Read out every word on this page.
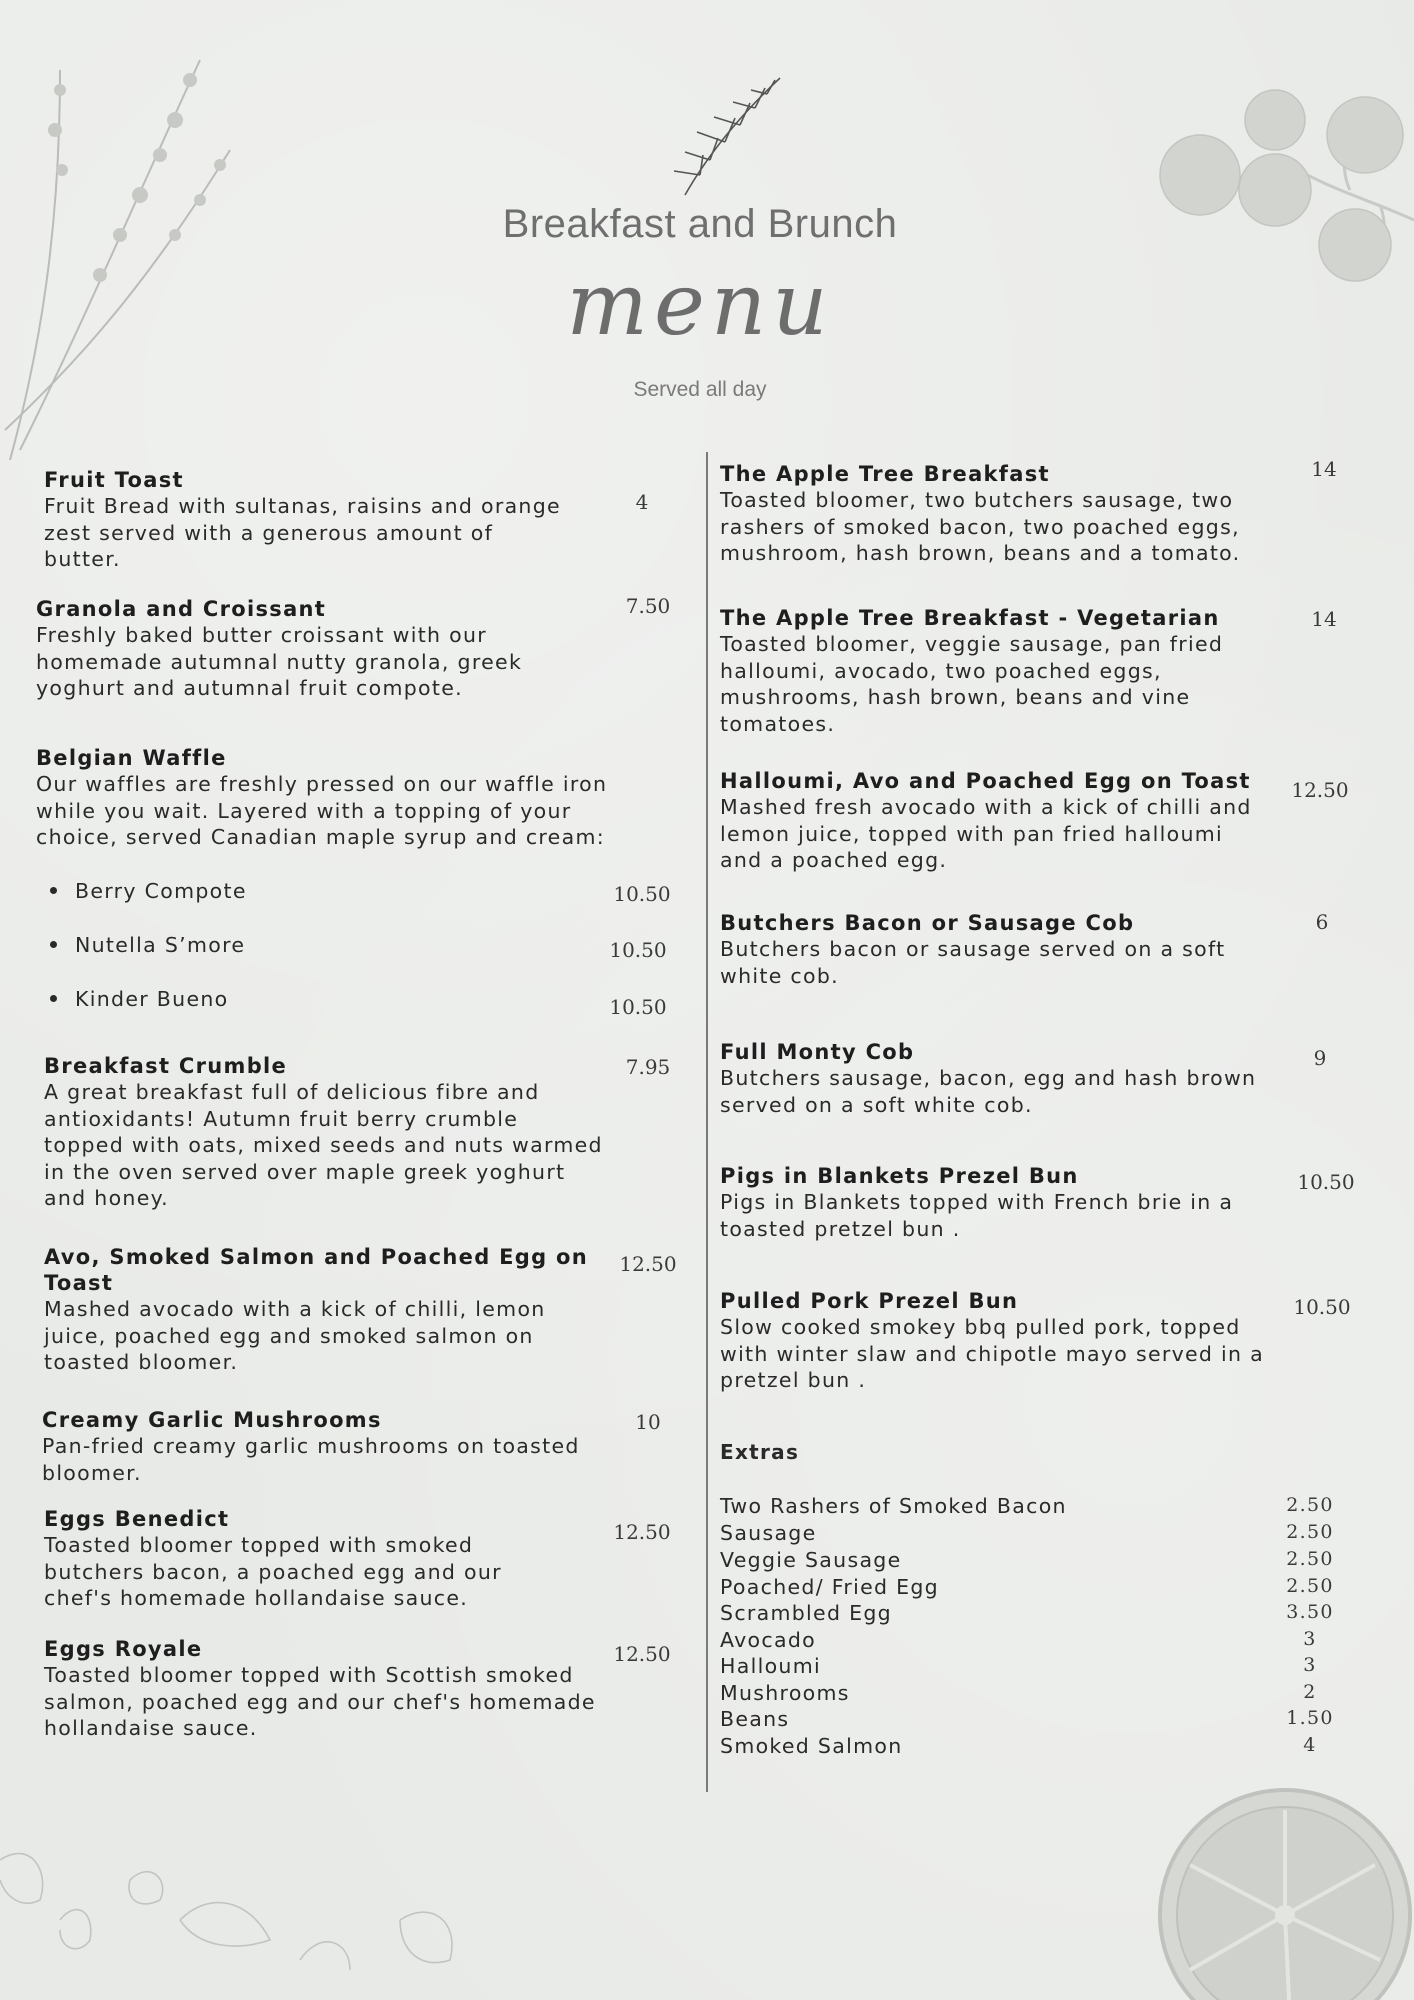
Breakfast and Brunch
menu
Served all day
Fruit Toast
Fruit Bread with sultanas, raisins and orange zest served with a generous amount of butter.
4
Granola and Croissant
Freshly baked butter croissant with our homemade autumnal nutty granola, greek yoghurt and autumnal fruit compote.
7.50
Belgian Waffle
Our waffles are freshly pressed on our waffle iron while you wait. Layered with a topping of your choice, served Canadian maple syrup and cream:
Berry Compote	10.50
Nutella S’more	10.50
Kinder Bueno	10.50
Breakfast Crumble
A great breakfast full of delicious fibre and antioxidants! Autumn fruit berry crumble topped with oats, mixed seeds and nuts warmed in the oven served over maple greek yoghurt and honey.
7.95
Avo, Smoked Salmon and Poached Egg on Toast
Mashed avocado with a kick of chilli, lemon juice, poached egg and smoked salmon on toasted bloomer.
12.50
Creamy Garlic Mushrooms
Pan-fried creamy garlic mushrooms on toasted bloomer.
10
Eggs Benedict
Toasted bloomer topped with smoked butchers bacon, a poached egg and our chef's homemade hollandaise sauce.
12.50
Eggs Royale
Toasted bloomer topped with Scottish smoked salmon, poached egg and our chef's homemade hollandaise sauce.
12.50
The Apple Tree Breakfast
Toasted bloomer, two butchers sausage, two rashers of smoked bacon, two poached eggs, mushroom, hash brown, beans and a tomato.
14
The Apple Tree Breakfast - Vegetarian
Toasted bloomer, veggie sausage, pan fried halloumi, avocado, two poached eggs, mushrooms, hash brown, beans and vine tomatoes.
14
Halloumi, Avo and Poached Egg on Toast
Mashed fresh avocado with a kick of chilli and lemon juice, topped with pan fried halloumi and a poached egg.
12.50
Butchers Bacon or Sausage Cob
Butchers bacon or sausage served on a soft white cob.
6
Full Monty Cob
Butchers sausage, bacon, egg and hash brown served on a soft white cob.
9
Pigs in Blankets Prezel Bun
Pigs in Blankets topped with French brie in a toasted pretzel bun .
10.50
Pulled Pork Prezel Bun
Slow cooked smokey bbq pulled pork, topped with winter slaw and chipotle mayo served in a pretzel bun .
10.50
Extras
Two Rashers of Smoked Bacon	2.50
Sausage	2.50
Veggie Sausage	2.50
Poached/ Fried Egg	2.50
Scrambled Egg	3.50
Avocado	3
Halloumi	3
Mushrooms	2
Beans	1.50
Smoked Salmon	4
